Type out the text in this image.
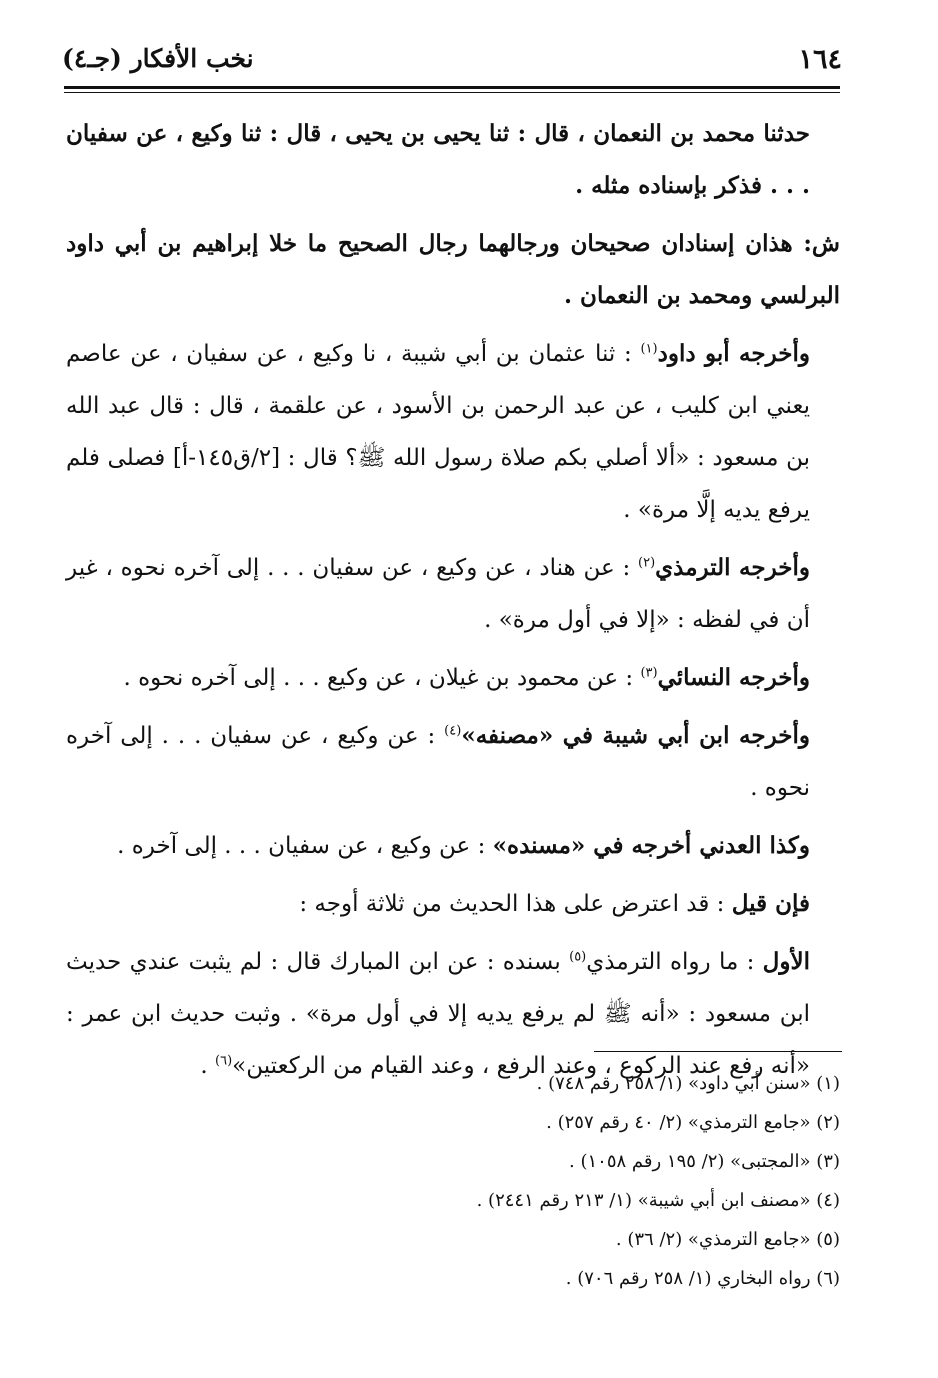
١٦٤
نخب الأفكار (جـ٤)

حدثنا محمد بن النعمان ، قال : ثنا يحيى بن يحيى ، قال : ثنا وكيع ، عن سفيان . . . فذكر بإسناده مثله .

ش: هذان إسنادان صحيحان ورجالهما رجال الصحيح ما خلا إبراهيم بن أبي داود البرلسي ومحمد بن النعمان .

وأخرجه أبو داود$^{(١)}$ : ثنا عثمان بن أبي شيبة ، نا وكيع ، عن سفيان ، عن عاصم يعني ابن كليب ، عن عبد الرحمن بن الأسود ، عن علقمة ، قال : قال عبد الله بن مسعود : «ألا أصلي بكم صلاة رسول الله ﷺ؟ قال : [٢/ق١٤٥-أ] فصلى فلم يرفع يديه إلَّا مرة» .

وأخرجه الترمذي$^{(٢)}$ : عن هناد ، عن وكيع ، عن سفيان . . . إلى آخره نحوه ، غير أن في لفظه : «إلا في أول مرة» .

وأخرجه النسائي$^{(٣)}$ : عن محمود بن غيلان ، عن وكيع . . . إلى آخره نحوه .

وأخرجه ابن أبي شيبة في «مصنفه»$^{(٤)}$ : عن وكيع ، عن سفيان . . . إلى آخره نحوه .

وكذا العدني أخرجه في «مسنده» : عن وكيع ، عن سفيان . . . إلى آخره .

فإن قيل : قد اعترض على هذا الحديث من ثلاثة أوجه :

الأول : ما رواه الترمذي$^{(٥)}$ بسنده : عن ابن المبارك قال : لم يثبت عندي حديث ابن مسعود : «أنه ﷺ لم يرفع يديه إلا في أول مرة» . وثبت حديث ابن عمر : «أنه رفع عند الركوع ، وعند الرفع ، وعند القيام من الركعتين»$^{(٦)}$ .

(١) «سنن أبي داود» (١/ ٢٥٨ رقم ٧٤٨) .

(٢) «جامع الترمذي» (٢/ ٤٠ رقم ٢٥٧) .

(٣) «المجتبى» (٢/ ١٩٥ رقم ١٠٥٨) .

(٤) «مصنف ابن أبي شيبة» (١/ ٢١٣ رقم ٢٤٤١) .

(٥) «جامع الترمذي» (٢/ ٣٦) .

(٦) رواه البخاري (١/ ٢٥٨ رقم ٧٠٦) .
